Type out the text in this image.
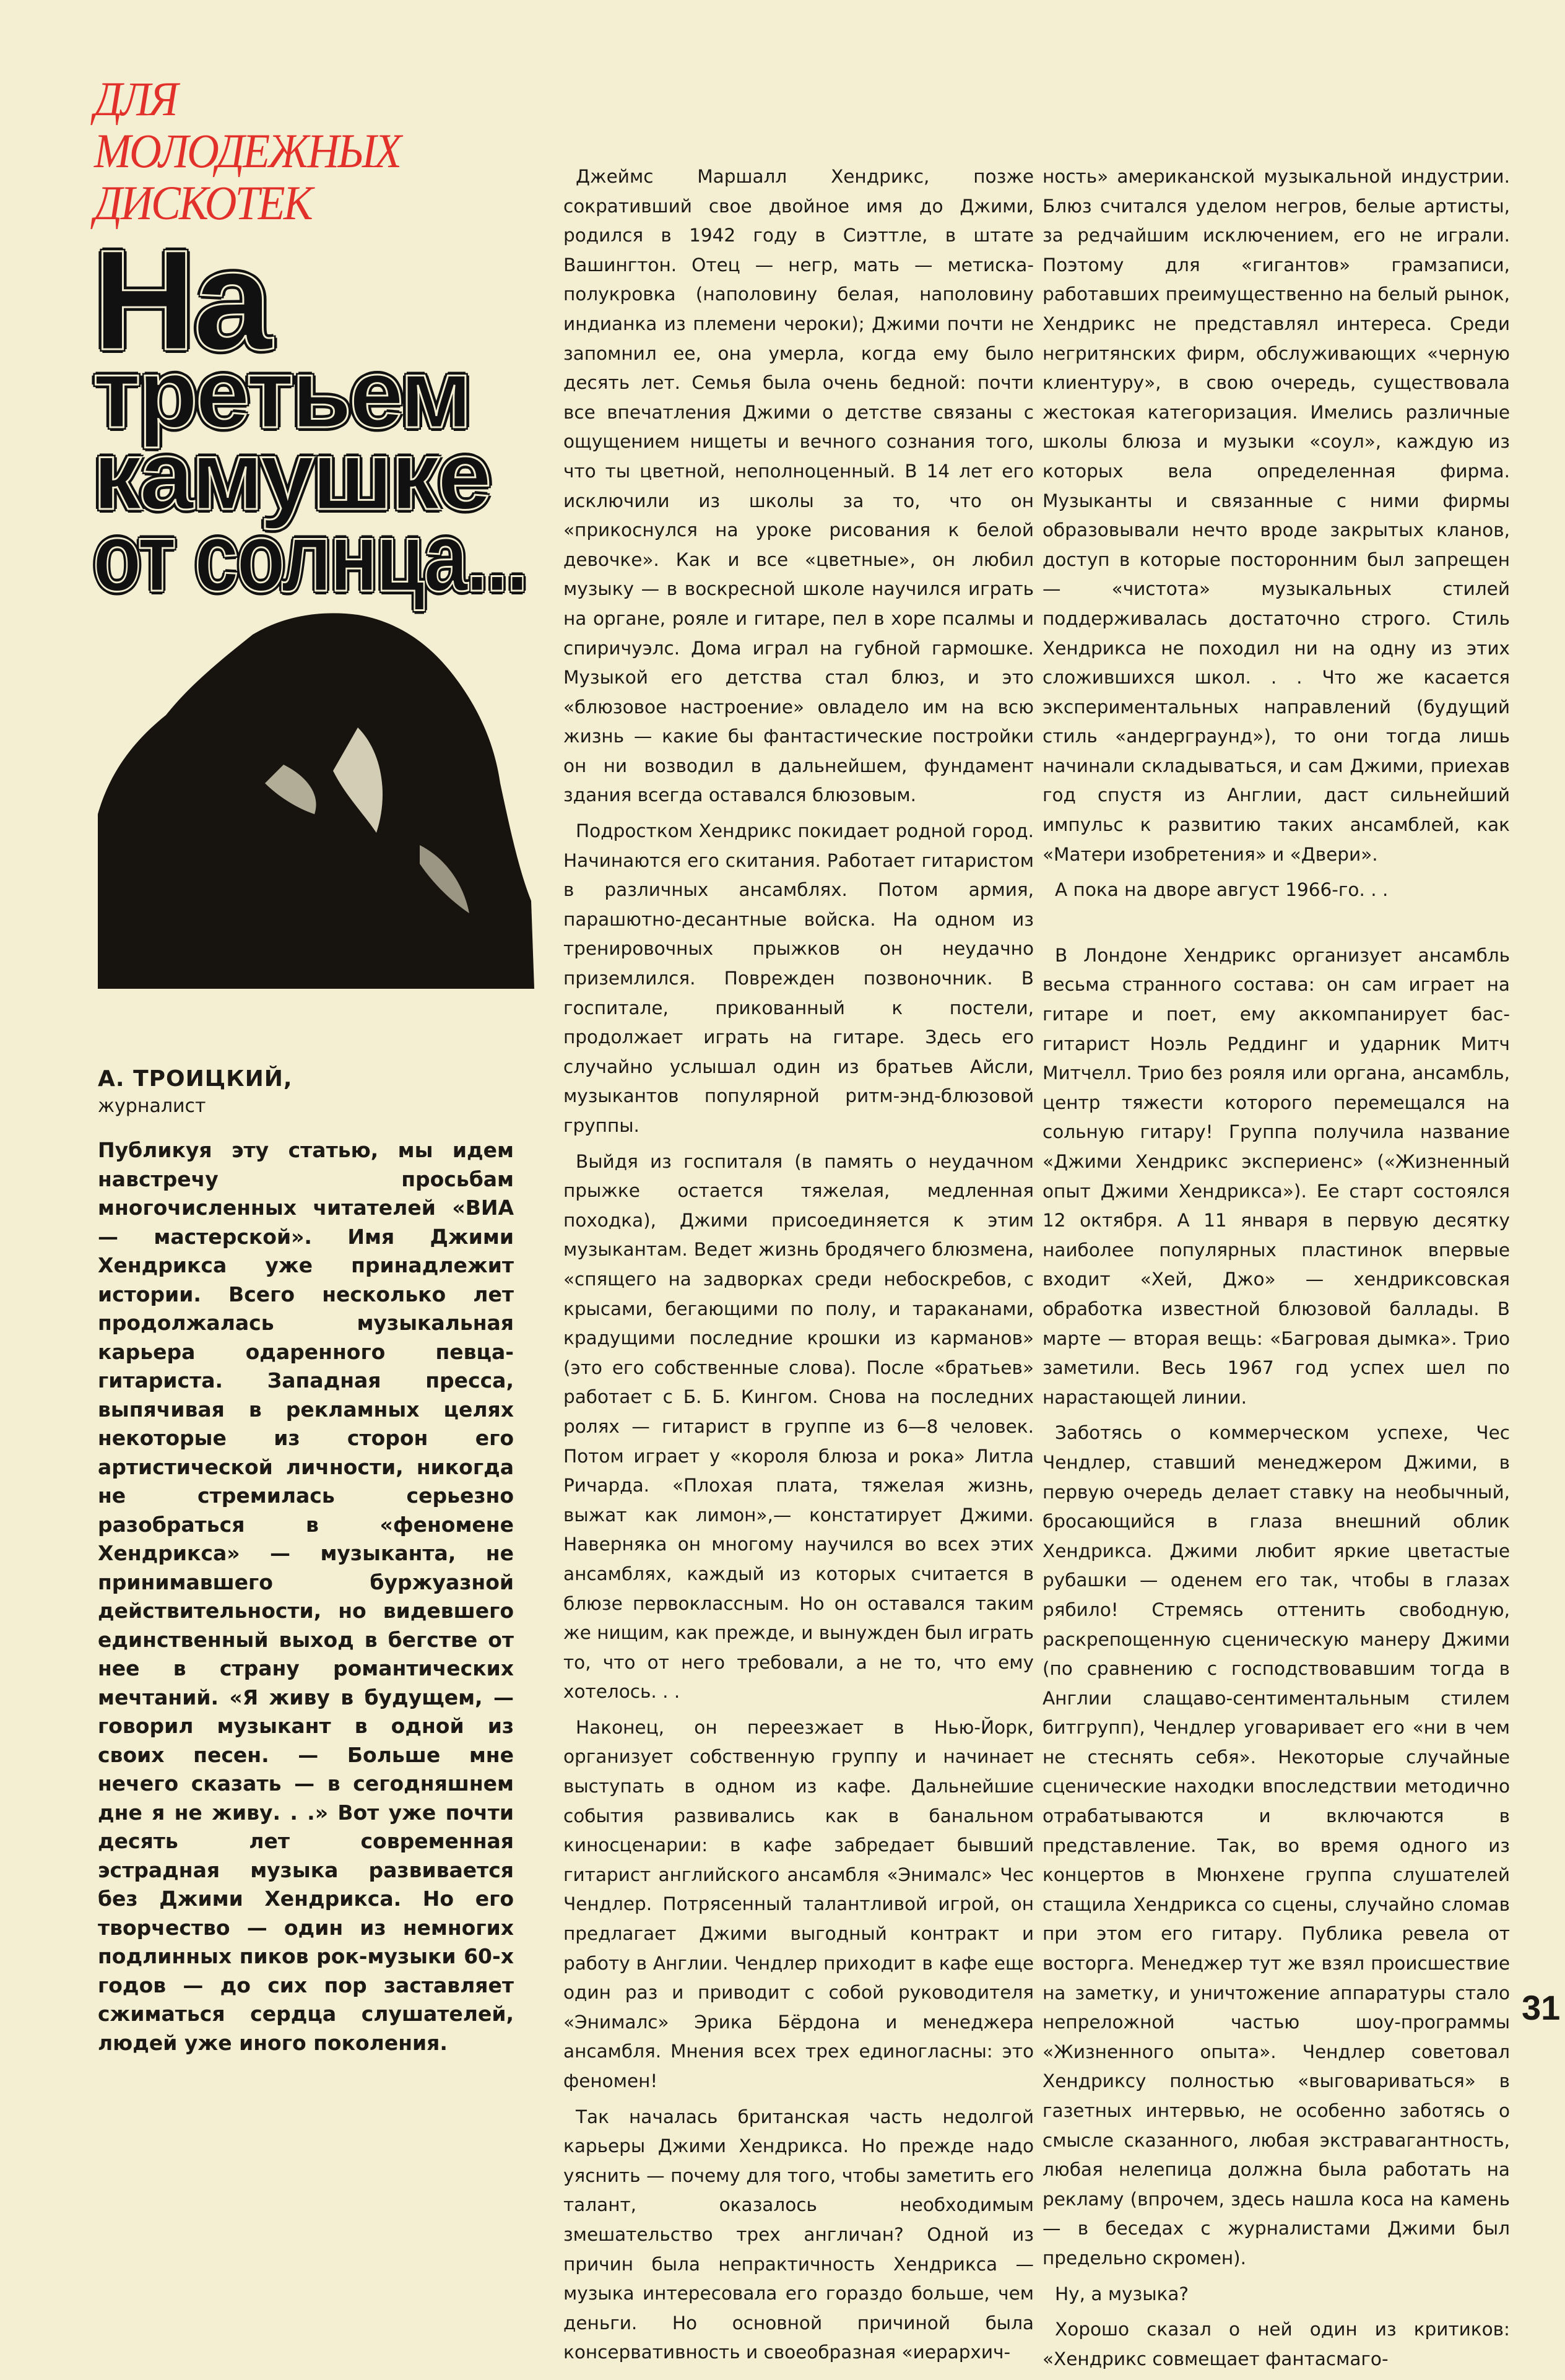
ДЛЯ
МОЛОДЕЖНЫХ
ДИСКОТЕК
На
третьем
камушке
от солнца...
А. ТРОИЦКИЙ,
журналист
Публикуя эту статью, мы идем навстречу просьбам многочисленных читателей «ВИА — мастерской». Имя Джими Хендрикса уже принадлежит истории. Всего несколько лет продолжалась музыкальная карьера одаренного певца-гитариста. Западная пресса, выпячивая в рекламных целях некоторые из сторон его артистической личности, никогда не стремилась серьезно разобраться в «феномене Хендрикса» — музыканта, не принимавшего буржуазной действительности, но видевшего единственный выход в бегстве от нее в страну романтических мечтаний. «Я живу в будущем, — говорил музыкант в одной из своих песен. — Больше мне нечего сказать — в сегодняшнем дне я не живу. . .» Вот уже почти десять лет современная эстрадная музыка развивается без Джими Хендрикса. Но его творчество — один из немногих подлинных пиков рок-музыки 60-х годов — до сих пор заставляет сжиматься сердца слушателей, людей уже иного поколения.

Джеймс Маршалл Хендрикс, позже сокративший свое двойное имя до Джими, родился в 1942 году в Сиэттле, в штате Вашингтон. Отец — негр, мать — метиска-полукровка (наполовину белая, наполовину индианка из племени чероки); Джими почти не запомнил ее, она умерла, когда ему было десять лет. Семья была очень бедной: почти все впечатления Джими о детстве связаны с ощущением нищеты и вечного сознания того, что ты цветной, неполноценный. В 14 лет его исключили из школы за то, что он «прикоснулся на уроке рисования к белой девочке». Как и все «цветные», он любил музыку — в воскресной школе научился играть на органе, рояле и гитаре, пел в хоре псалмы и спиричуэлс. Дома играл на губной гармошке. Музыкой его детства стал блюз, и это «блюзовое настроение» овладело им на всю жизнь — какие бы фантастические постройки он ни возводил в дальнейшем, фундамент здания всегда оставался блюзовым.

Подростком Хендрикс покидает родной город. Начинаются его скитания. Работает гитаристом в различных ансамблях. Потом армия, парашютно-десантные войска. На одном из тренировочных прыжков он неудачно приземлился. Поврежден позвоночник. В госпитале, прикованный к постели, продолжает играть на гитаре. Здесь его случайно услышал один из братьев Айсли, музыкантов популярной ритм-энд-блюзовой группы.

Выйдя из госпиталя (в память о неудачном прыжке остается тяжелая, медленная походка), Джими присоединяется к этим музыкантам. Ведет жизнь бродячего блюзмена, «спящего на задворках среди небоскребов, с крысами, бегающими по полу, и тараканами, крадущими последние крошки из карманов» (это его собственные слова). После «братьев» работает с Б. Б. Кингом. Снова на последних ролях — гитарист в группе из 6—8 человек. Потом играет у «короля блюза и рока» Литла Ричарда. «Плохая плата, тяжелая жизнь, выжат как лимон»,— констатирует Джими. Наверняка он многому научился во всех этих ансамблях, каждый из которых считается в блюзе первоклассным. Но он оставался таким же нищим, как прежде, и вынужден был играть то, что от него требовали, а не то, что ему хотелось. . .

Наконец, он переезжает в Нью-Йорк, организует собственную группу и начинает выступать в одном из кафе. Дальнейшие события развивались как в банальном киносценарии: в кафе забредает бывший гитарист английского ансамбля «Энималс» Чес Чендлер. Потрясенный талантливой игрой, он предлагает Джими выгодный контракт и работу в Англии. Чендлер приходит в кафе еще один раз и приводит с собой руководителя «Энималс» Эрика Бёрдона и менеджера ансамбля. Мнения всех трех единогласны: это феномен!

Так началась британская часть недолгой карьеры Джими Хендрикса. Но прежде надо уяснить — почему для того, чтобы заметить его талант, оказалось необходимым змешательство трех англичан? Одной из причин была непрактичность Хендрикса — музыка интересовала его гораздо больше, чем деньги. Но основной причиной была консервативность и своеобразная «иерархич-

ность» американской музыкальной индустрии. Блюз считался уделом негров, белые артисты, за редчайшим исключением, его не играли. Поэтому для «гигантов» грамзаписи, работавших преимущественно на белый рынок, Хендрикс не представлял интереса. Среди негритянских фирм, обслуживающих «черную клиентуру», в свою очередь, существовала жестокая категоризация. Имелись различные школы блюза и музыки «соул», каждую из которых вела определенная фирма. Музыканты и связанные с ними фирмы образовывали нечто вроде закрытых кланов, доступ в которые посторонним был запрещен — «чистота» музыкальных стилей поддерживалась достаточно строго. Стиль Хендрикса не походил ни на одну из этих сложившихся школ. . . Что же касается экспериментальных направлений (будущий стиль «андерграунд»), то они тогда лишь начинали складываться, и сам Джими, приехав год спустя из Англии, даст сильнейший импульс к развитию таких ансамблей, как «Матери изобретения» и «Двери».

А пока на дворе август 1966-го. . .

В Лондоне Хендрикс организует ансамбль весьма странного состава: он сам играет на гитаре и поет, ему аккомпанирует бас-гитарист Ноэль Реддинг и ударник Митч Митчелл. Трио без рояля или органа, ансамбль, центр тяжести которого перемещался на сольную гитару! Группа получила название «Джими Хендрикс экспериенс» («Жизненный опыт Джими Хендрикса»). Ее старт состоялся 12 октября. А 11 января в первую десятку наиболее популярных пластинок впервые входит «Хей, Джо» — хендриксовская обработка известной блюзовой баллады. В марте — вторая вещь: «Багровая дымка». Трио заметили. Весь 1967 год успех шел по нарастающей линии.

Заботясь о коммерческом успехе, Чес Чендлер, ставший менеджером Джими, в первую очередь делает ставку на необычный, бросающийся в глаза внешний облик Хендрикса. Джими любит яркие цветастые рубашки — оденем его так, чтобы в глазах рябило! Стремясь оттенить свободную, раскрепощенную сценическую манеру Джими (по сравнению с господствовавшим тогда в Англии слащаво-сентиментальным стилем битгрупп), Чендлер уговаривает его «ни в чем не стеснять себя». Некоторые случайные сценические находки впоследствии методично отрабатываются и включаются в представление. Так, во время одного из концертов в Мюнхене группа слушателей стащила Хендрикса со сцены, случайно сломав при этом его гитару. Публика ревела от восторга. Менеджер тут же взял происшествие на заметку, и уничтожение аппаратуры стало непреложной частью шоу-программы «Жизненного опыта». Чендлер советовал Хендриксу полностью «выговариваться» в газетных интервью, не особенно заботясь о смысле сказанного, любая экстравагантность, любая нелепица должна была работать на рекламу (впрочем, здесь нашла коса на камень — в беседах с журналистами Джими был предельно скромен).

Ну, а музыка?

Хорошо сказал о ней один из критиков: «Хендрикс совмещает фантасмаго-

31
